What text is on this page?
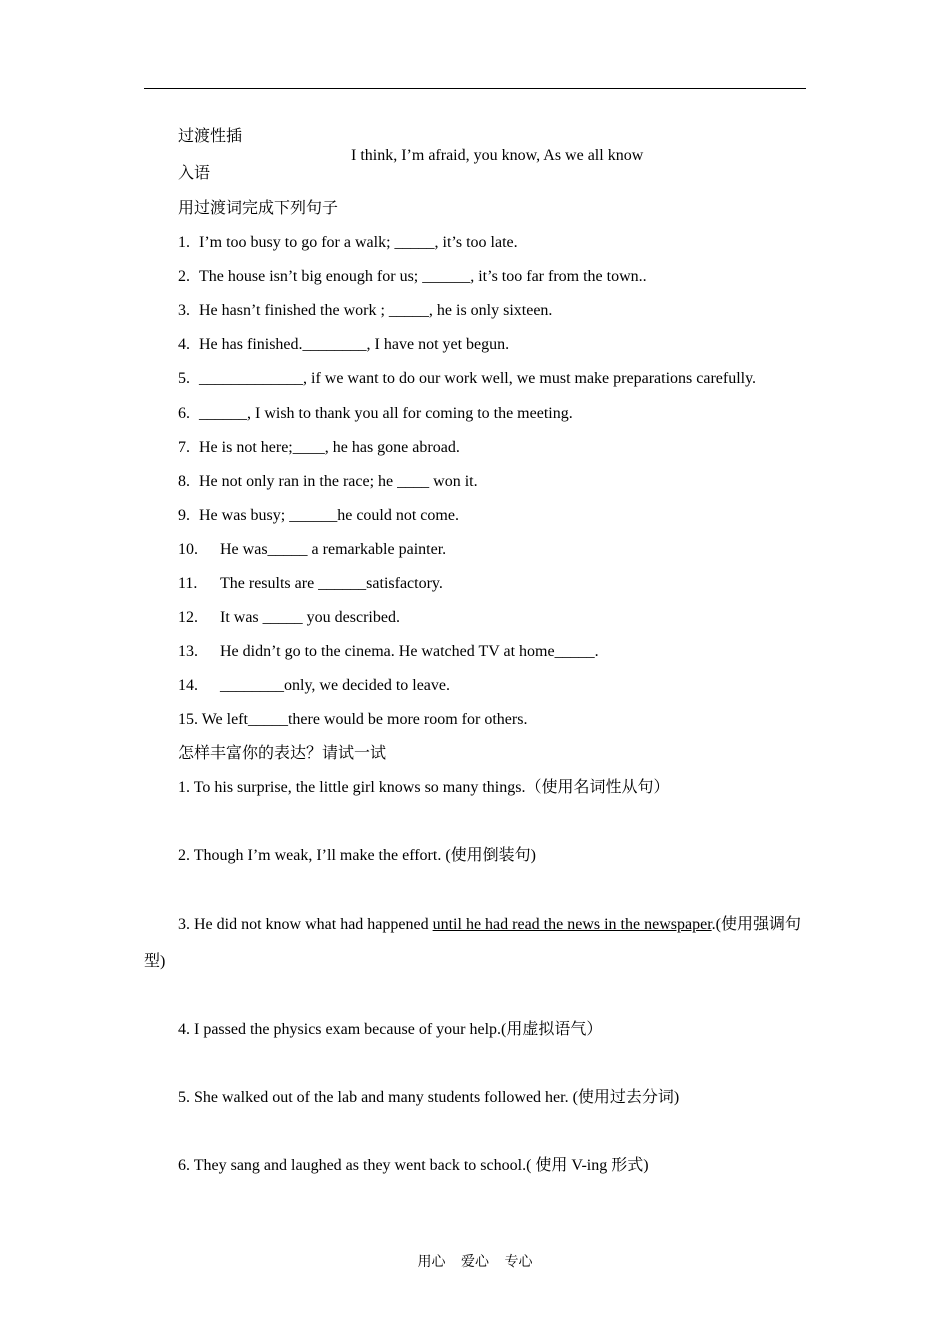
过渡性插
入语
I think, I’m afraid, you know, As we all know
用过渡词完成下列句子
1. I’m too busy to go for a walk; _____, it’s too late.
2. The house isn’t big enough for us; ______, it’s too far from the town..
3. He hasn’t finished the work ; _____, he is only sixteen.
4. He has finished.________, I have not yet begun.
5. _____________, if we want to do our work well, we must make preparations carefully.
6. ______, I wish to thank you all for coming to the meeting.
7. He is not here;____, he has gone abroad.
8. He not only ran in the race; he ____ won it.
9. He was busy; ______he could not come.
10. He was_____ a remarkable painter.
11. The results are ______satisfactory.
12. It was _____ you described.
13. He didn’t go to the cinema. He watched TV at home_____.
14. ________only, we decided to leave.
15. We left_____there would be more room for others.
怎样丰富你的表达？请试一试
1. To his surprise, the little girl knows so many things.（使用名词性从句）
2. Though I’m weak, I’ll make the effort. (使用倒装句)
3. He did not know what had happened until he had read the news in the newspaper.(使用强调句型)
4. I passed the physics exam because of your help.(用虚拟语气）
5. She walked out of the lab and many students followed her. (使用过去分词)
6. They sang and laughed as they went back to school.( 使用 V-ing 形式)
用心 爱心 专心
